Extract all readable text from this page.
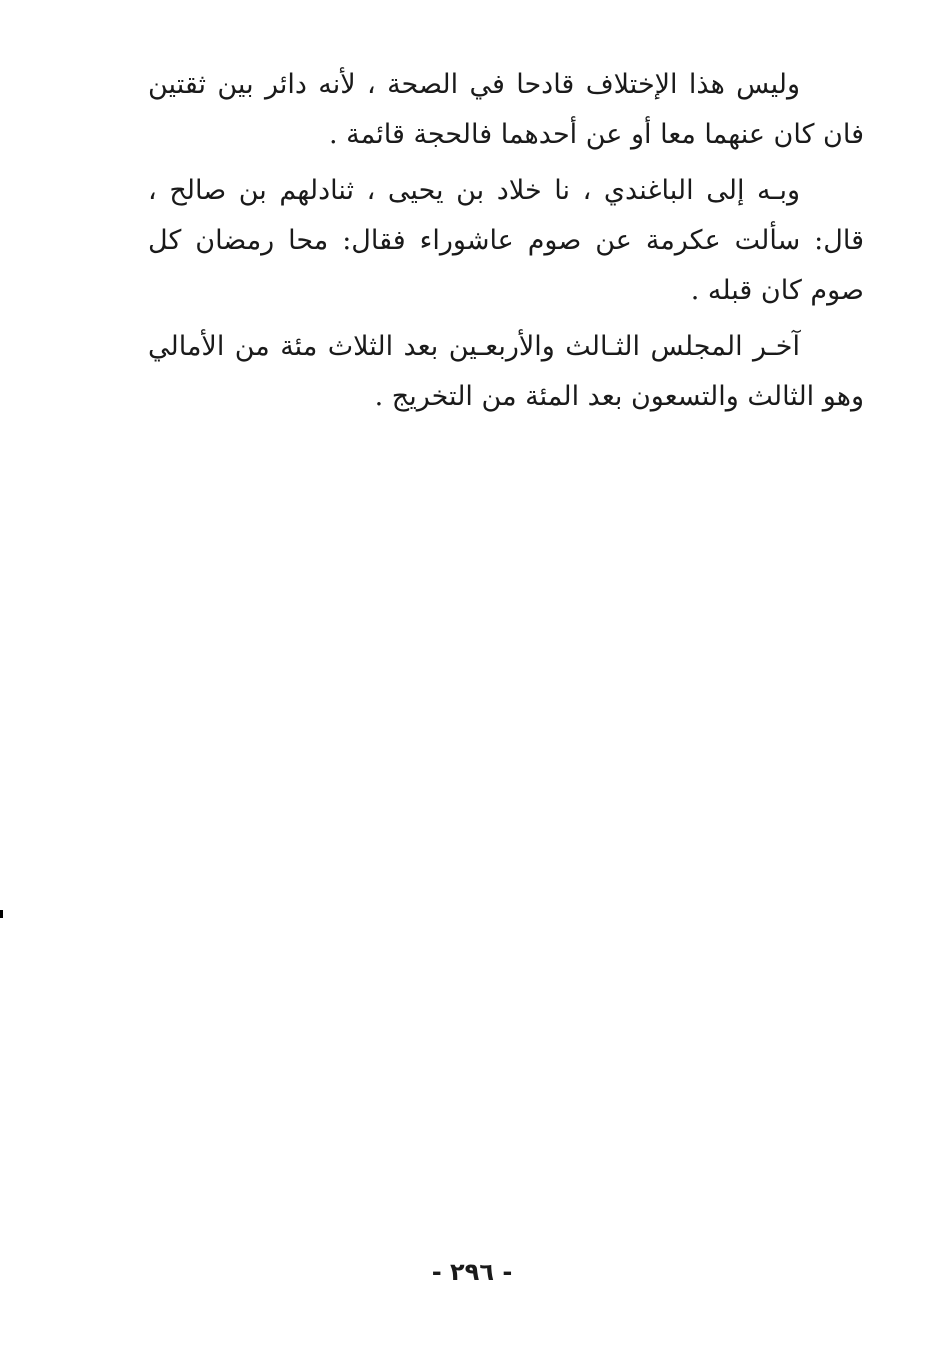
وليس هذا الإختلاف قادحا في الصحة ، لأنه دائر بين ثقتين فان كان عنهما معا أو عن أحدهما فالحجة قائمة .

وبـه إلى الباغندي ، نا خلاد بن يحيى ، ثنادلهم بن صالح ، قال: سألت عكرمة عن صوم عاشوراء فقال: محا رمضان كل صوم كان قبله .

آخـر المجلس الثـالث والأربعـين بعد الثلاث مئة من الأمالي وهو الثالث والتسعون بعد المئة من التخريج .

- ٢٩٦ -
